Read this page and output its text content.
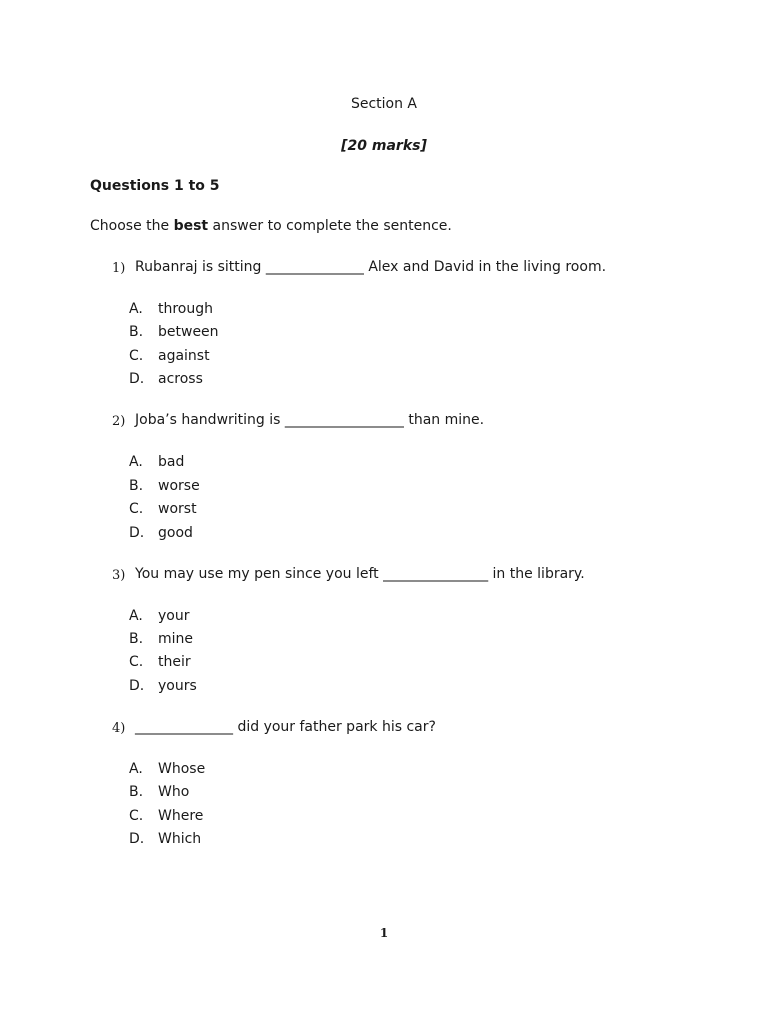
Section A
[20 marks]
Questions 1 to 5
Choose the best answer to complete the sentence.
1) Rubanraj is sitting ______________ Alex and David in the living room.
A. through
B. between
C. against
D. across
2) Joba’s handwriting is _________________ than mine.
A. bad
B. worse
C. worst
D. good
3) You may use my pen since you left _______________ in the library.
A. your
B. mine
C. their
D. yours
4) ______________ did your father park his car?
A. Whose
B. Who
C. Where
D. Which
1
